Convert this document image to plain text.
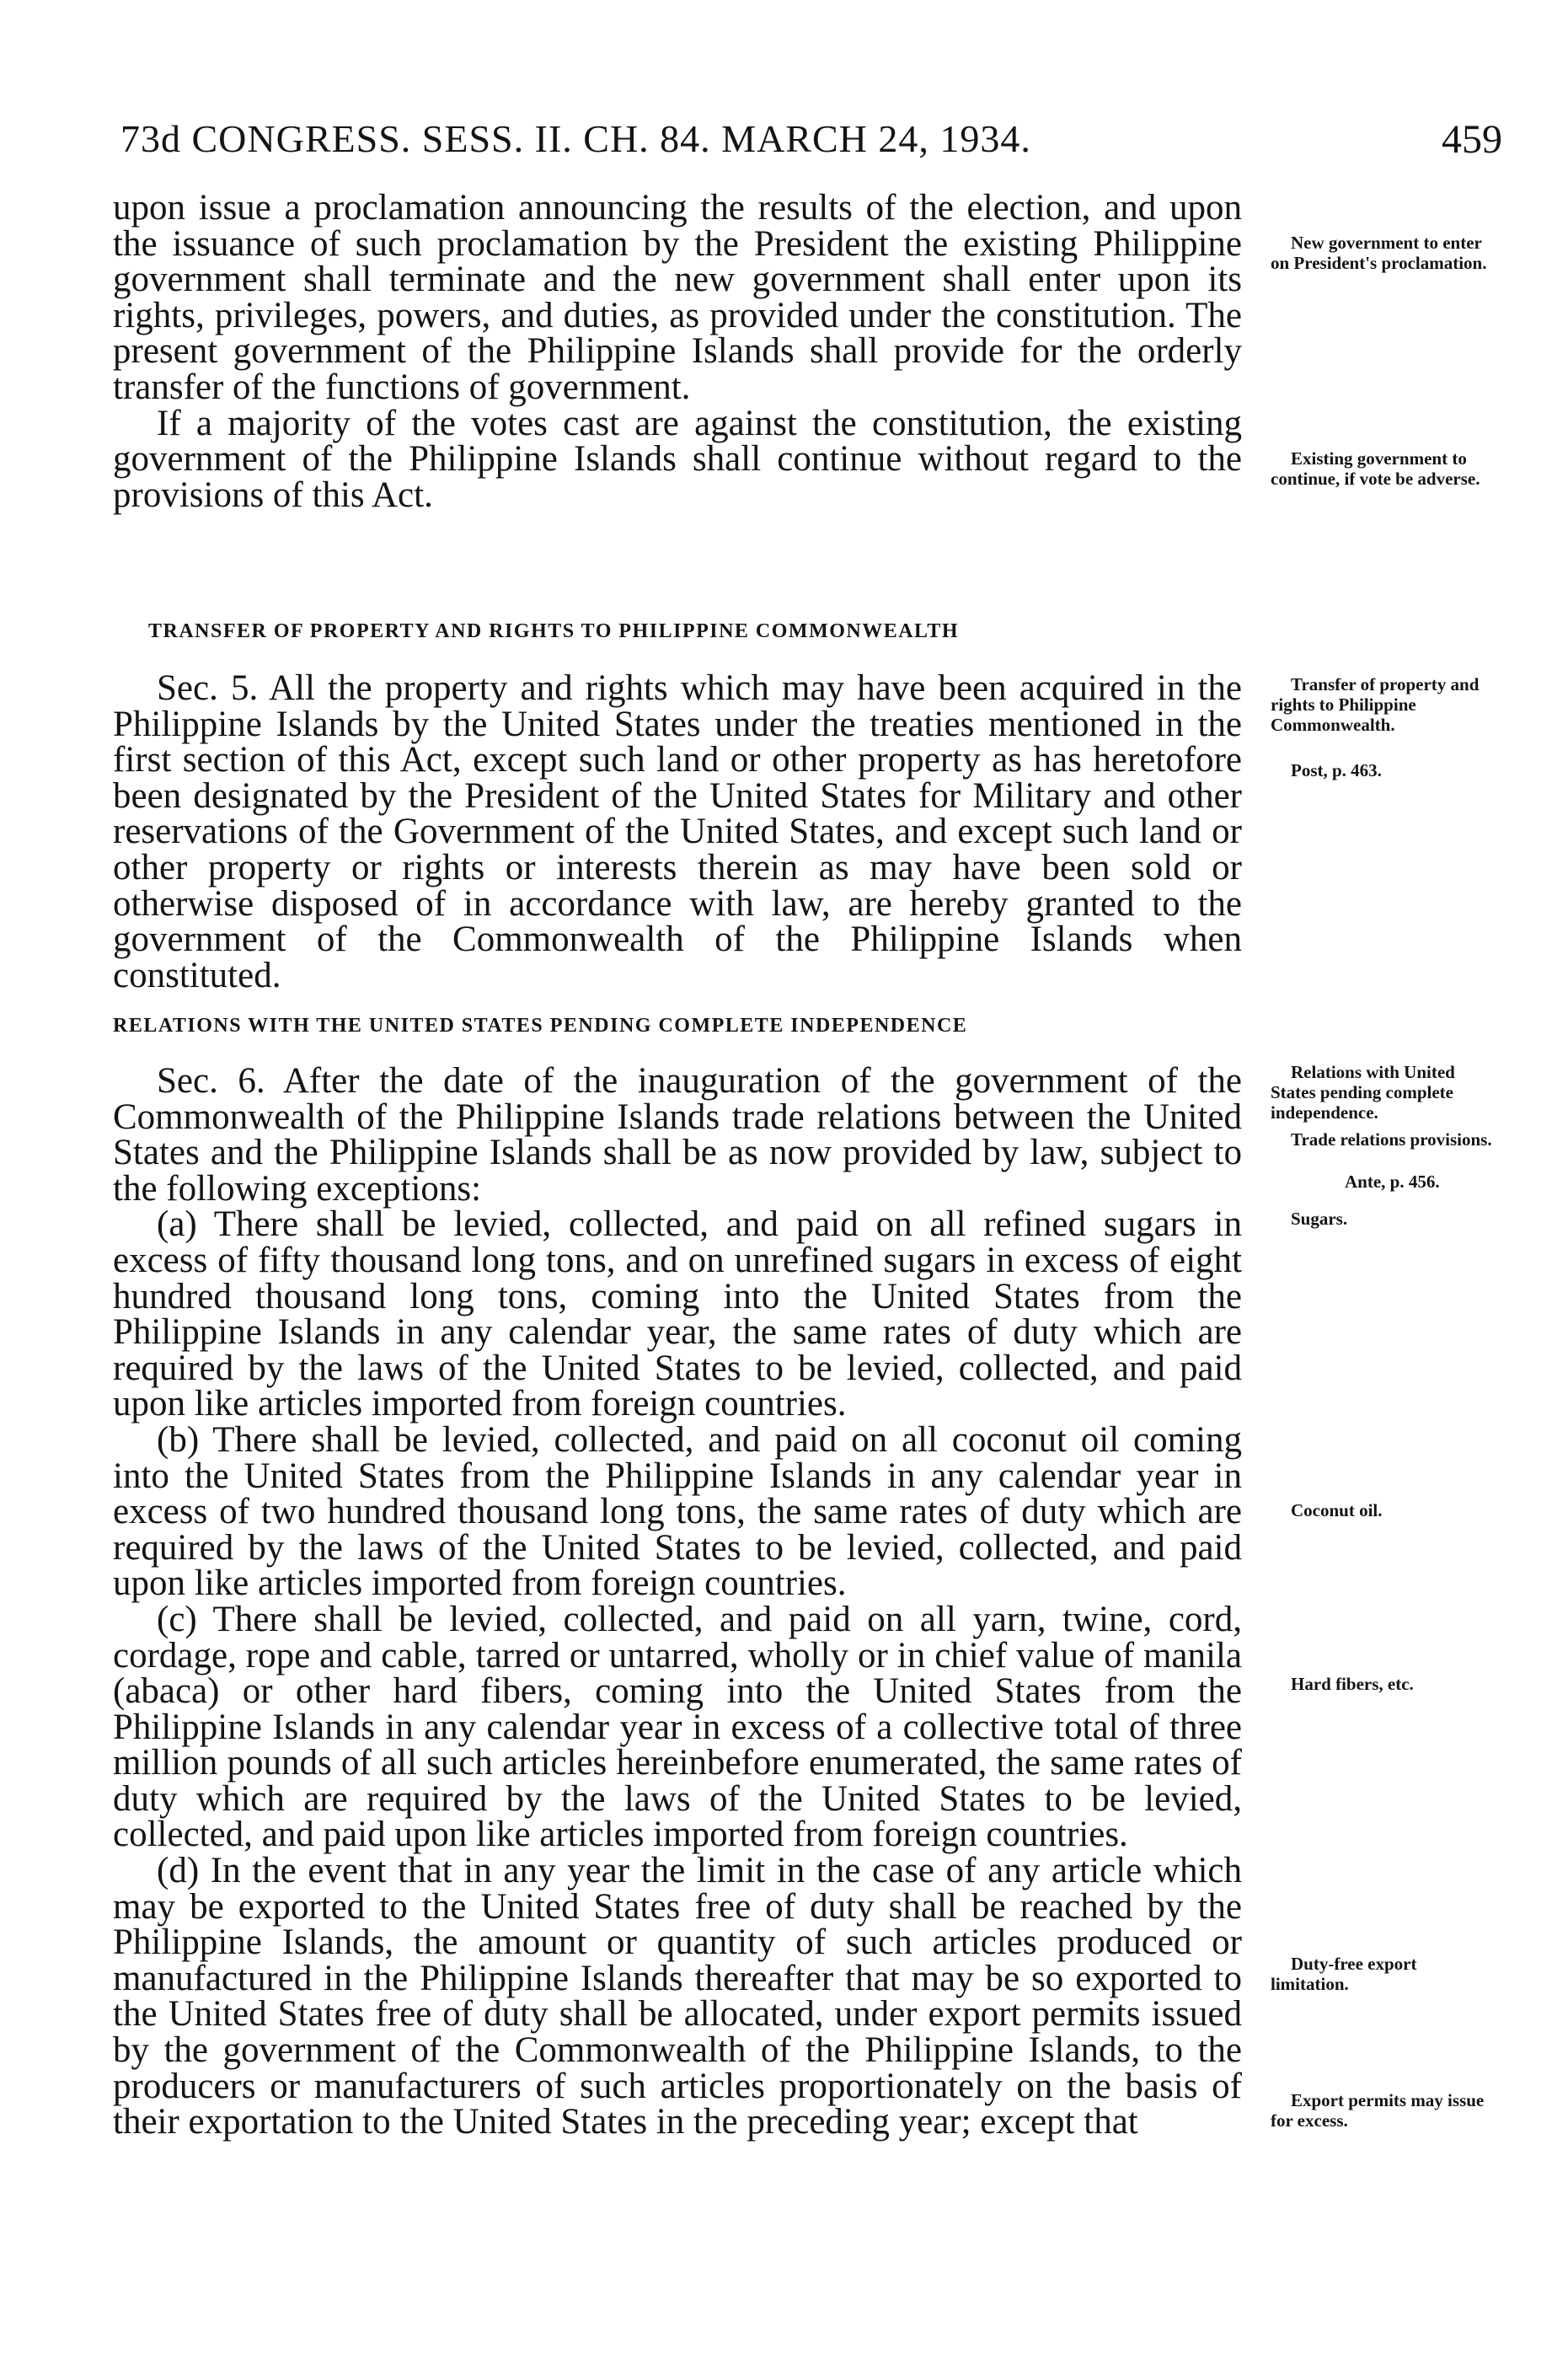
73d CONGRESS. SESS. II. CH. 84. MARCH 24, 1934.	459

upon issue a proclamation announcing the results of the election, and upon the issuance of such proclamation by the President the existing Philippine government shall terminate and the new government shall enter upon its rights, privileges, powers, and duties, as provided under the constitution. The present government of the Philippine Islands shall provide for the orderly transfer of the functions of government.

If a majority of the votes cast are against the constitution, the existing government of the Philippine Islands shall continue without regard to the provisions of this Act.

TRANSFER OF PROPERTY AND RIGHTS TO PHILIPPINE COMMONWEALTH

Sec. 5. All the property and rights which may have been acquired in the Philippine Islands by the United States under the treaties mentioned in the first section of this Act, except such land or other property as has heretofore been designated by the President of the United States for Military and other reservations of the Government of the United States, and except such land or other property or rights or interests therein as may have been sold or otherwise disposed of in accordance with law, are hereby granted to the government of the Commonwealth of the Philippine Islands when constituted.

RELATIONS WITH THE UNITED STATES PENDING COMPLETE INDEPENDENCE

Sec. 6. After the date of the inauguration of the government of the Commonwealth of the Philippine Islands trade relations between the United States and the Philippine Islands shall be as now provided by law, subject to the following exceptions:

(a) There shall be levied, collected, and paid on all refined sugars in excess of fifty thousand long tons, and on unrefined sugars in excess of eight hundred thousand long tons, coming into the United States from the Philippine Islands in any calendar year, the same rates of duty which are required by the laws of the United States to be levied, collected, and paid upon like articles imported from foreign countries.

(b) There shall be levied, collected, and paid on all coconut oil coming into the United States from the Philippine Islands in any calendar year in excess of two hundred thousand long tons, the same rates of duty which are required by the laws of the United States to be levied, collected, and paid upon like articles imported from foreign countries.

(c) There shall be levied, collected, and paid on all yarn, twine, cord, cordage, rope and cable, tarred or untarred, wholly or in chief value of manila (abaca) or other hard fibers, coming into the United States from the Philippine Islands in any calendar year in excess of a collective total of three million pounds of all such articles hereinbefore enumerated, the same rates of duty which are required by the laws of the United States to be levied, collected, and paid upon like articles imported from foreign countries.

(d) In the event that in any year the limit in the case of any article which may be exported to the United States free of duty shall be reached by the Philippine Islands, the amount or quantity of such articles produced or manufactured in the Philippine Islands thereafter that may be so exported to the United States free of duty shall be allocated, under export permits issued by the government of the Commonwealth of the Philippine Islands, to the producers or manufacturers of such articles proportionately on the basis of their exportation to the United States in the preceding year; except that

New government to enter on President's proclamation.
Existing government to continue, if vote be adverse.
Transfer of property and rights to Philippine Commonwealth.
Post, p. 463.
Relations with United States pending complete independence.
Trade relations provisions.
Ante, p. 456.
Sugars.
Coconut oil.
Hard fibers, etc.
Duty-free export limitation.
Export permits may issue for excess.
